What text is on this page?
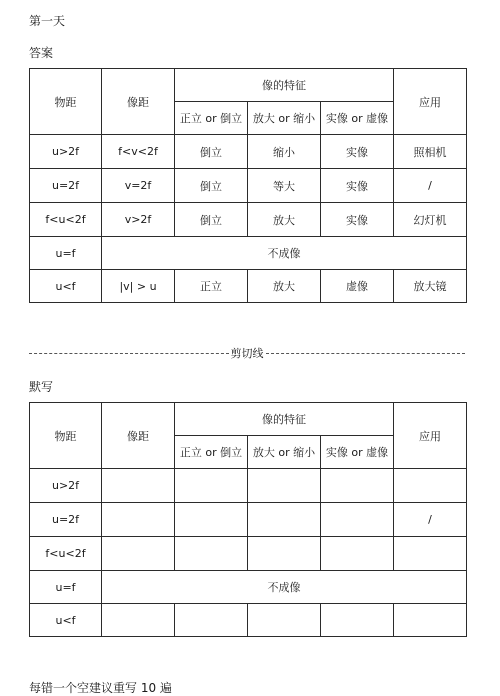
第一天
答案
物距	像距	像的特征			应用
		正立 or 倒立	放大 or 缩小	实像 or 虚像	
u>2f	f<v<2f	倒立	缩小	实像	照相机
u=2f	v=2f	倒立	等大	实像	/
f<u<2f	v>2f	倒立	放大	实像	幻灯机
u=f	不成像				
u<f	|v| > u	正立	放大	虚像	放大镜
剪切线
默写
物距	像距	像的特征			应用
		正立 or 倒立	放大 or 缩小	实像 or 虚像	
u>2f					
u=2f					/
f<u<2f					
u=f	不成像				
u<f					
每错一个空建议重写 10 遍
